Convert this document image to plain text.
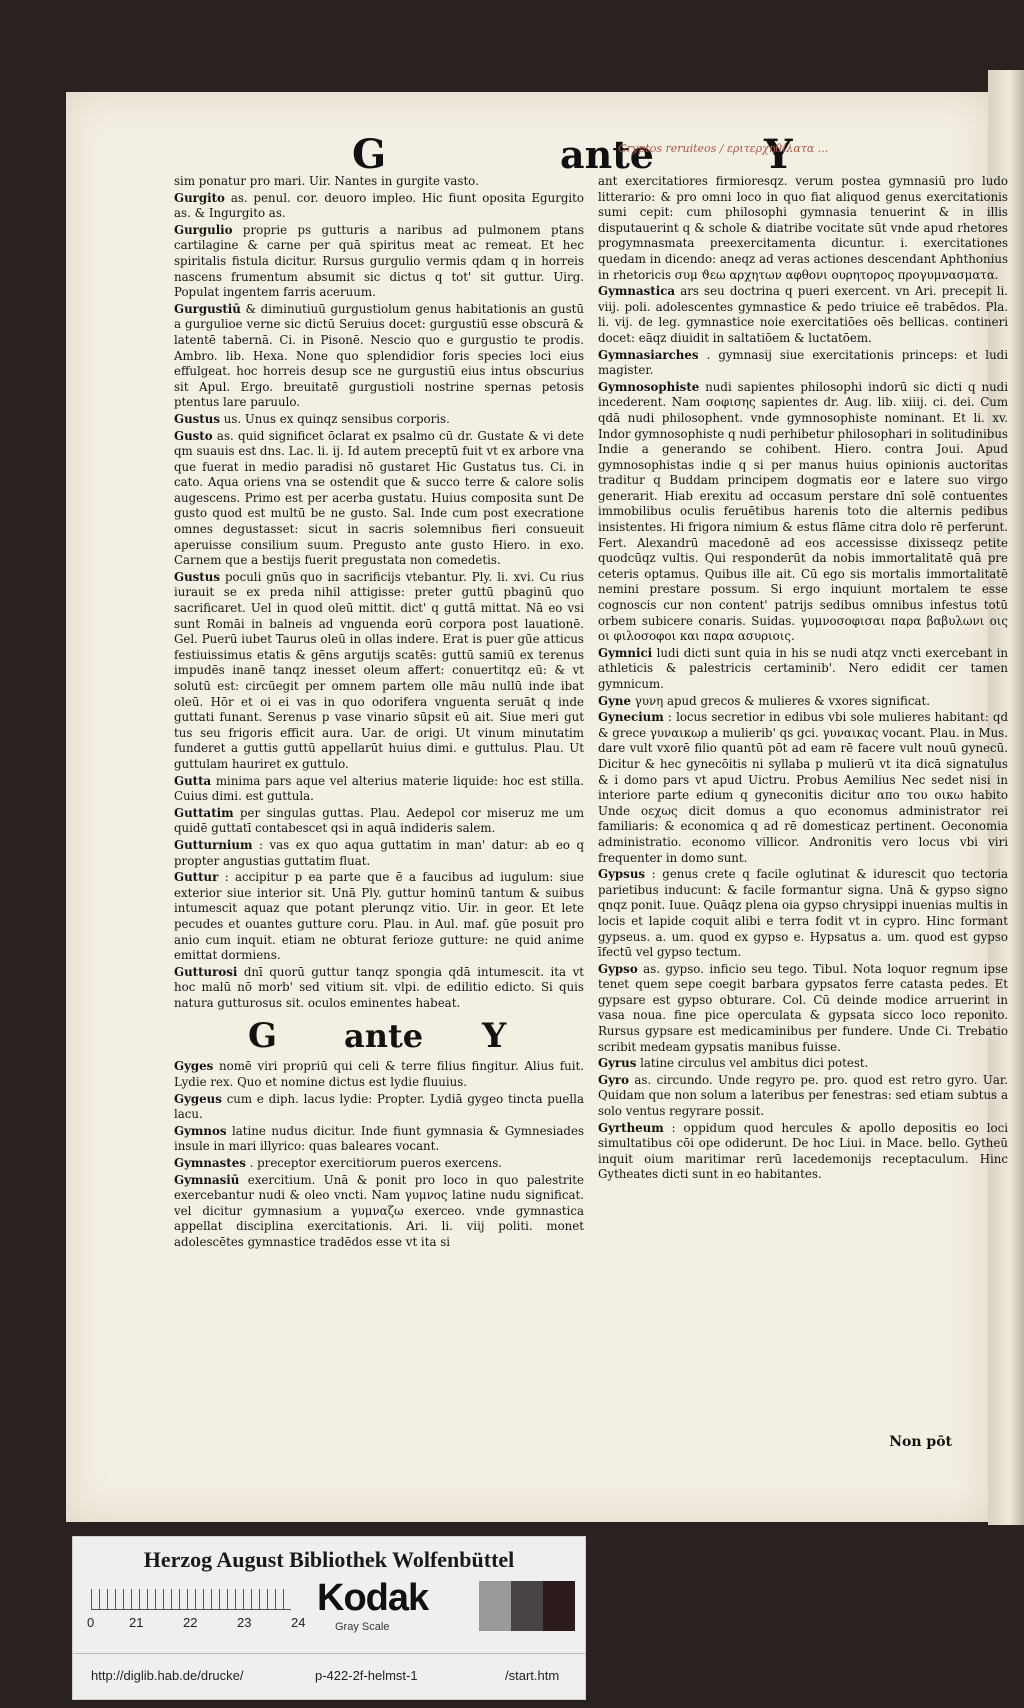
G	ante	Y
Gryptos reruiteos / εριτερχηθίλατα ...
sim ponatur pro mari. Uir. Nantes in gurgite vasto.
Gurgito as. penul. cor. deuoro impleo. Hic fiunt oposita Egurgito as. & Ingurgito as.
Gurgulio proprie ps gutturis a naribus ad pulmonem ptans cartilagine & carne per quā spiritus meat ac remeat. Et hec spiritalis fistula dicitur. Rursus gurgulio vermis qdam q in horreis nascens frumentum absumit sic dictus q tot' sit guttur. Uirg. Populat ingentem farris aceruum.
Gurgustiū & diminutiuū gurgustiolum genus habitationis an gustū a gurgulioe verne sic dictū Seruius docet: gurgustiū esse obscurā & latentē tabernā. Ci. in Pisonē. Nescio quo e gurgustio te prodis. Ambro. lib. Hexa. None quo splendidior foris species loci eius effulgeat. hoc horreis desup sce ne gurgustiū eius intus obscurius sit Apul. Ergo. breuitatē gurgustioli nostrine spernas petosis ptentus lare paruulo.
Gustus us. Unus ex quinqz sensibus corporis.
Gusto as. quid significet ōclarat ex psalmo cū dr. Gustate & vi dete qm suauis est dns. Lac. li. ij. Id autem preceptū fuit vt ex arbore vna que fuerat in medio paradisi nō gustaret Hic Gustatus tus. Ci. in cato. Aqua oriens vna se ostendit que & succo terre & calore solis augescens. Primo est per acerba gustatu. Huius composita sunt De gusto quod est multū be ne gusto. Sal. Inde cum post execratione omnes degustasset: sicut in sacris solemnibus fieri consueuit aperuisse consilium suum. Pregusto ante gusto Hiero. in exo. Carnem que a bestijs fuerit pregustata non comedetis.
Gustus poculi gnūs quo in sacrificijs vtebantur. Ply. li. xvi. Cu rius iurauit se ex preda nihil attigisse: preter guttū pbaginū quo sacrificaret. Uel in quod oleū mittit. dict' q guttā mittat. Nā eo vsi sunt Romāi in balneis ad vnguenda eorū corpora post lauationē. Gel. Puerū iubet Taurus oleū in ollas indere. Erat is puer gūe atticus festiuissimus etatis & gēns argutijs scatēs: guttū samiū ex terenus impudēs inanē tanqz inesset oleum affert: conuertitqz eū: & vt solutū est: circūegit per omnem partem olle māu nullū inde ibat oleū. Hōr et oi ei vas in quo odorifera vnguenta seruāt q inde guttati funant. Serenus p vase vinario sūpsit eū ait. Siue meri gut tus seu frigoris efficit aura. Uar. de origi. Ut vinum minutatim funderet a guttis guttū appellarūt huius dimi. e guttulus. Plau. Ut guttulam hauriret ex guttulo.
Gutta minima pars aque vel alterius materie liquide: hoc est stilla. Cuius dimi. est guttula.
Guttatim per singulas guttas. Plau. Aedepol cor miseruz me um quidē guttatī contabescet qsi in aquā indideris salem.
Gutturnium : vas ex quo aqua guttatim in man' datur: ab eo q propter angustias guttatim fluat.
Guttur : accipitur p ea parte que ē a faucibus ad iugulum: siue exterior siue interior sit. Unā Ply. guttur hominū tantum & suibus intumescit aquaz que potant plerunqz vitio. Uir. in geor. Et lete pecudes et ouantes gutture coru. Plau. in Aul. maf. gūe posuit pro anio cum inquit. etiam ne obturat ferioze gutture: ne quid anime emittat dormiens.
Gutturosi dnī quorū guttur tanqz spongia qdā intumescit. ita vt hoc malū nō morb' sed vitium sit. vlpi. de edilitio edicto. Si quis natura gutturosus sit. oculos eminentes habeat.
G ante Y
Gyges nomē viri propriū qui celi & terre filius fingitur. Alius fuit. Lydie rex. Quo et nomine dictus est lydie fluuius.
Gygeus cum e diph. lacus lydie: Propter. Lydiā gygeo tincta puella lacu.
Gymnos latine nudus dicitur. Inde fiunt gymnasia & Gymnesiades insule in mari illyrico: quas baleares vocant.
Gymnastes . preceptor exercitiorum pueros exercens.
Gymnasiū exercitium. Unā & ponit pro loco in quo palestrite exercebantur nudi & oleo vncti. Nam γυμνος latine nudu significat. vel dicitur gymnasium a γυμναζω exerceo. vnde gymnastica appellat disciplina exercitationis. Ari. li. viij politi. monet adolescētes gymnastice tradēdos esse vt ita si
ant exercitatiores firmioresqz. verum postea gymnasiū pro ludo litterario: & pro omni loco in quo fiat aliquod genus exercitationis sumi cepit: cum philosophi gymnasia tenuerint & in illis disputauerint q & schole & diatribe vocitate sūt vnde apud rhetores progymnasmata preexercitamenta dicuntur. i. exercitationes quedam in dicendo: aneqz ad veras actiones descendant Aphthonius in rhetoricis συμ ϑεω αρχητων αφθονι ουρητορος προγυμνασματα.
Gymnastica ars seu doctrina q pueri exercent. vn Ari. precepit li. viij. poli. adolescentes gymnastice & pedo triuice eē trabēdos. Pla. li. vij. de leg. gymnastice noie exercitatiōes oēs bellicas. contineri docet: eāqz diuidit in saltatiōem & luctatōem.
Gymnasiarches . gymnasij siue exercitationis princeps: et ludi magister.
Gymnosophiste nudi sapientes philosophi indorū sic dicti q nudi incederent. Nam σοφισης sapientes dr. Aug. lib. xiiij. ci. dei. Cum qdā nudi philosophent. vnde gymnosophiste nominant. Et li. xv. Indor gymnosophiste q nudi perhibetur philosophari in solitudinibus Indie a generando se cohibent. Hiero. contra Joui. Apud gymnosophistas indie q si per manus huius opinionis auctoritas traditur q Buddam principem dogmatis eor e latere suo virgo generarit. Hiab erexitu ad occasum perstare dnī solē contuentes immobilibus oculis feruētibus harenis toto die alternis pedibus insistentes. Hi frigora nimium & estus flāme citra dolo rē perferunt. Fert. Alexandrū macedonē ad eos accessisse dixisseqz petite quodcūqz vultis. Qui responderūt da nobis immortalitatē quā pre ceteris optamus. Quibus ille ait. Cū ego sis mortalis immortalitatē nemini prestare possum. Si ergo inquiunt mortalem te esse cognoscis cur non content' patrijs sedibus omnibus infestus totū orbem subicere conaris. Suidas. γυμνοσοφισαι παρα βαβυλωνι οις οι φιλοσοφοι και παρα ασυριοις.
Gymnici ludi dicti sunt quia in his se nudi atqz vncti exercebant in athleticis & palestricis certaminib'. Nero edidit cer tamen gymnicum.
Gyne γυνη apud grecos & mulieres & vxores significat.
Gynecium : locus secretior in edibus vbi sole mulieres habitant: qd & grece γυναικωρ a mulierib' qs gci. γυναικας vocant. Plau. in Mus. dare vult vxorē filio quantū pōt ad eam rē facere vult nouū gynecū. Dicitur & hec gynecōitis ni syllaba p mulierū vt ita dicā signatulus & i domo pars vt apud Uictru. Probus Aemilius Nec sedet nisi in interiore parte edium q gyneconitis dicitur απο του οικω habito Unde οεχως dicit domus a quo economus administrator rei familiaris: & economica q ad rē domesticaz pertinent. Oeconomia administratio. economo villicor. Andronitis vero locus vbi viri frequenter in domo sunt.
Gypsus : genus crete q facile oglutinat & idurescit quo tectoria parietibus inducunt: & facile formantur signa. Unā & gypso signo qnqz ponit. Iuue. Quāqz plena oia gypso chrysippi inuenias multis in locis et lapide coquit alibi e terra fodit vt in cypro. Hinc formant gypseus. a. um. quod ex gypso e. Hypsatus a. um. quod est gypso īfectū vel gypso tectum.
Gypso as. gypso. inficio seu tego. Tibul. Nota loquor regnum ipse tenet quem sepe coegit barbara gypsatos ferre catasta pedes. Et gypsare est gypso obturare. Col. Cū deinde modice arruerint in vasa noua. fine pice operculata & gypsata sicco loco reponito. Rursus gypsare est medicaminibus per fundere. Unde Ci. Trebatio scribit medeam gypsatis manibus fuisse.
Gyrus latine circulus vel ambitus dici potest.
Gyro as. circundo. Unde regyro pe. pro. quod est retro gyro. Uar. Quidam que non solum a lateribus per fenestras: sed etiam subtus a solo ventus regyrare possit.
Gyrtheum : oppidum quod hercules & apollo depositis eo loci simultatibus cōi ope odiderunt. De hoc Liui. in Mace. bello. Gytheū inquit oium maritimar rerū lacedemonijs receptaculum. Hinc Gytheates dicti sunt in eo habitantes.
Non pōt
Herzog August Bibliothek Wolfenbüttel
0	21	22	23	24
Kodak
Gray Scale
http://diglib.hab.de/drucke/	p-422-2f-helmst-1	/start.htm
